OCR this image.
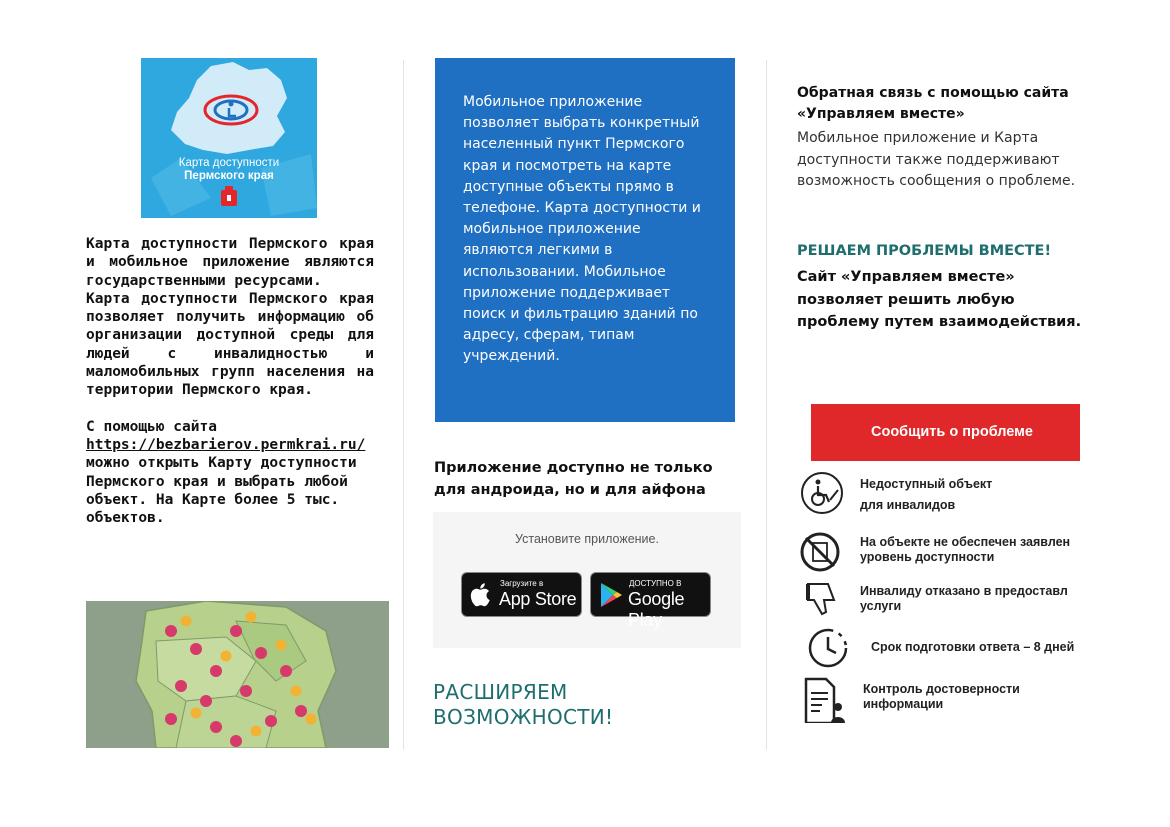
Карта доступности
Пермского края

Карта доступности Пермского края и мобильное приложение являются государственными ресурсами.

Карта доступности Пермского края позволяет получить информацию об организации доступной среды для людей с инвалидностью и маломобильных групп населения на территории Пермского края.

С помощью сайта
https://bezbarierov.permkrai.ru/ можно открыть Карту доступности Пермского края и выбрать любой объект. На Карте более 5 тыс. объектов.

Мобильное приложение позволяет выбрать конкретный населенный пункт Пермского края и посмотреть на карте доступные объекты прямо в телефоне. Карта доступности и мобильное приложение являются легкими в использовании. Мобильное приложение поддерживает поиск и фильтрацию зданий по адресу, сферам, типам учреждений.

Приложение доступно не только для андроида, но и для айфона

Установите приложение.
Загрузите в
App Store
ДОСТУПНО В
Google Play
РАСШИРЯЕМ ВОЗМОЖНОСТИ!

Обратная связь с помощью сайта «Управляем вместе»

Мобильное приложение и Карта доступности также поддерживают возможность сообщения о проблеме.

РЕШАЕМ ПРОБЛЕМЫ ВМЕСТЕ!

Сайт «Управляем вместе» позволяет решить любую проблему путем взаимодействия.

Сообщить о проблеме
Недоступный объект
для инвалидов
На объекте не обеспечен заявлен
уровень доступности
Инвалиду отказано в предоставл
услуги
Срок подготовки ответа – 8 дней
Контроль достоверности
информации
